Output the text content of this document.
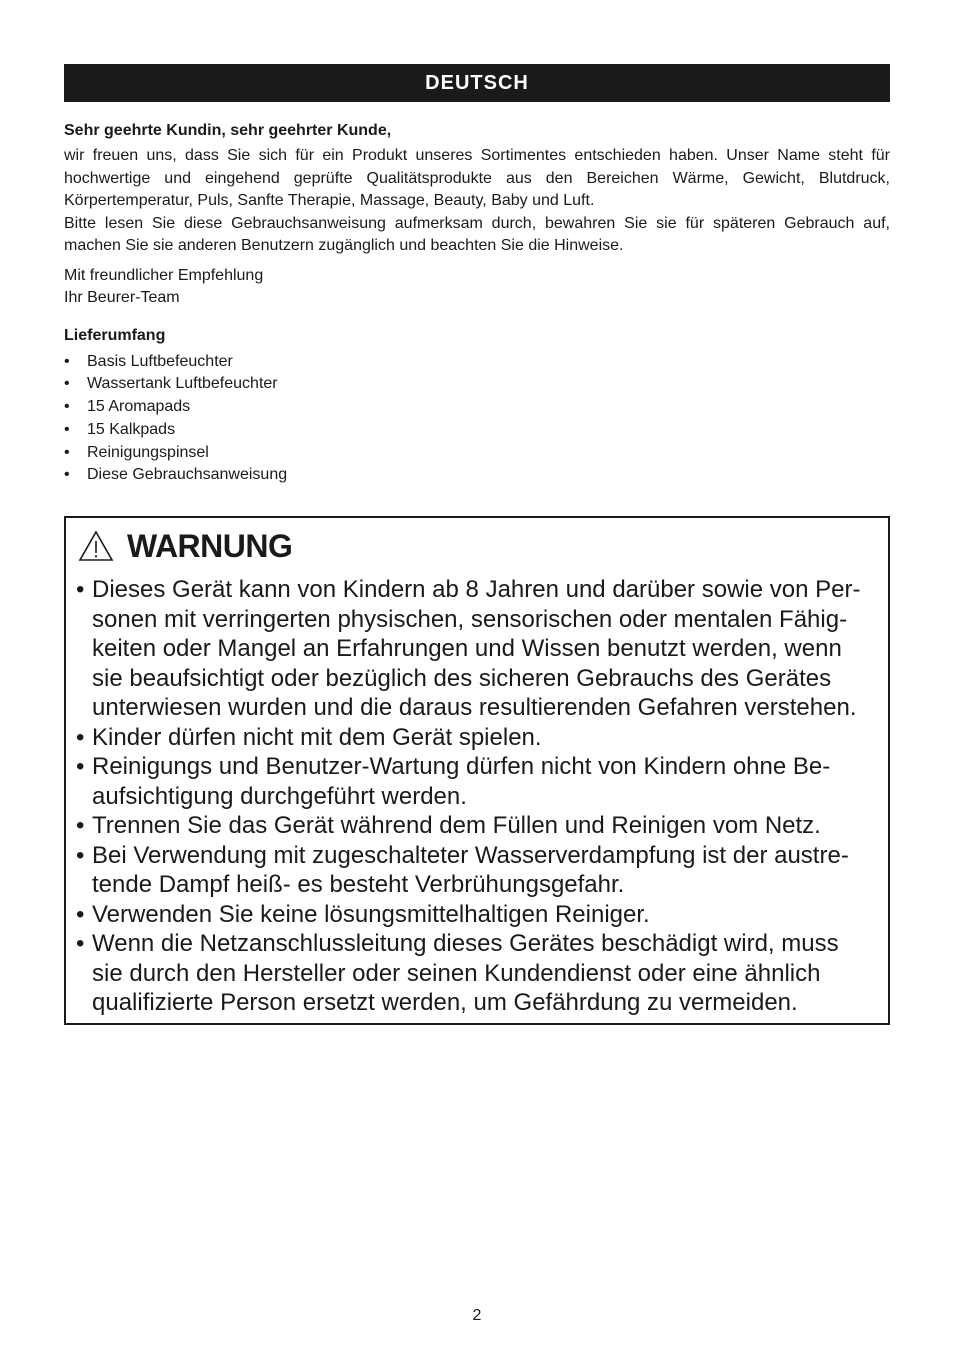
DEUTSCH
Sehr geehrte Kundin, sehr geehrter Kunde,

wir freuen uns, dass Sie sich für ein Produkt unseres Sortimentes entschieden haben. Unser Name steht für hochwertige und eingehend geprüfte Qualitätsprodukte aus den Bereichen Wärme, Gewicht, Blutdruck, Körpertemperatur, Puls, Sanfte Therapie, Massage, Beauty, Baby und Luft.

Bitte lesen Sie diese Gebrauchsanweisung aufmerksam durch, bewahren Sie sie für späteren Gebrauch auf, machen Sie sie anderen Benutzern zugänglich und beachten Sie die Hinweise.

Mit freundlicher Empfehlung
Ihr Beurer-Team
Lieferumfang
• Basis Luftbefeuchter
• Wassertank Luftbefeuchter
• 15 Aromapads
• 15 Kalkpads
• Reinigungspinsel
• Diese Gebrauchsanweisung
WARNUNG
• Dieses Gerät kann von Kindern ab 8 Jahren und darüber sowie von Per-
sonen mit verringerten physischen, sensorischen oder mentalen Fähig-
keiten oder Mangel an Erfahrungen und Wissen benutzt werden, wenn
sie beaufsichtigt oder bezüglich des sicheren Gebrauchs des Gerätes
unterwiesen wurden und die daraus resultierenden Gefahren verstehen.
• Kinder dürfen nicht mit dem Gerät spielen.
• Reinigungs und Benutzer-Wartung dürfen nicht von Kindern ohne Be-
aufsichtigung durchgeführt werden.
• Trennen Sie das Gerät während dem Füllen und Reinigen vom Netz.
• Bei Verwendung mit zugeschalteter Wasserverdampfung ist der austre-
tende Dampf heiß- es besteht Verbrühungsgefahr.
• Verwenden Sie keine lösungsmittelhaltigen Reiniger.
• Wenn die Netzanschlussleitung dieses Gerätes beschädigt wird, muss
sie durch den Hersteller oder seinen Kundendienst oder eine ähnlich
qualifizierte Person ersetzt werden, um Gefährdung zu vermeiden.
2
